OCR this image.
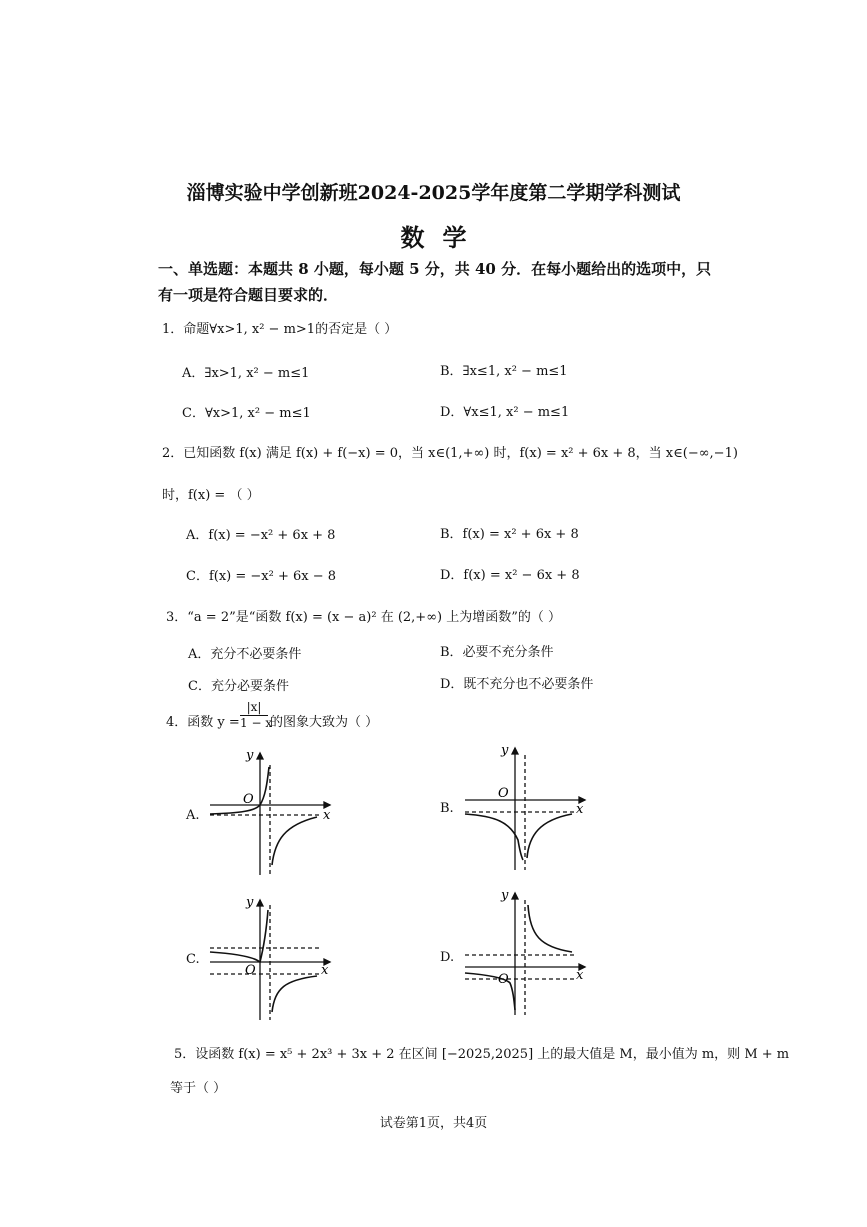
淄博实验中学创新班2024-2025学年度第二学期学科测试
数学
一、单选题：本题共 8 小题，每小题 5 分，共 40 分．在每小题给出的选项中，只
有一项是符合题目要求的．
1．命题∀x>1, x² − m>1的否定是（ ）
A．∃x>1, x² − m≤1	B．∃x≤1, x² − m≤1
C．∀x>1, x² − m≤1	D．∀x≤1, x² − m≤1
2．已知函数 f(x) 满足 f(x) + f(−x) = 0，当 x∈(1,+∞) 时，f(x) = x² + 6x + 8，当 x∈(−∞,−1)
时，f(x) = （ ）
A．f(x) = −x² + 6x + 8	B．f(x) = x² + 6x + 8
C．f(x) = −x² + 6x − 8	D．f(x) = x² − 6x + 8
3．“a = 2”是“函数 f(x) = (x − a)² 在 (2,+∞) 上为增函数”的（ ）
A．充分不必要条件	B．必要不充分条件
C．充分必要条件	D．既不充分也不必要条件
4．函数 $y = \frac{|x|}{1 - x}$ 的图象大致为（ ）
A.
O
y
x	B.
O
y
x
C.
O
y
x
D.
O
y
x
5．设函数 f(x) = x⁵ + 2x³ + 3x + 2 在区间 [−2025,2025] 上的最大值是 M，最小值为 m，则 M + m
等于（ ）
试卷第1页，共4页
